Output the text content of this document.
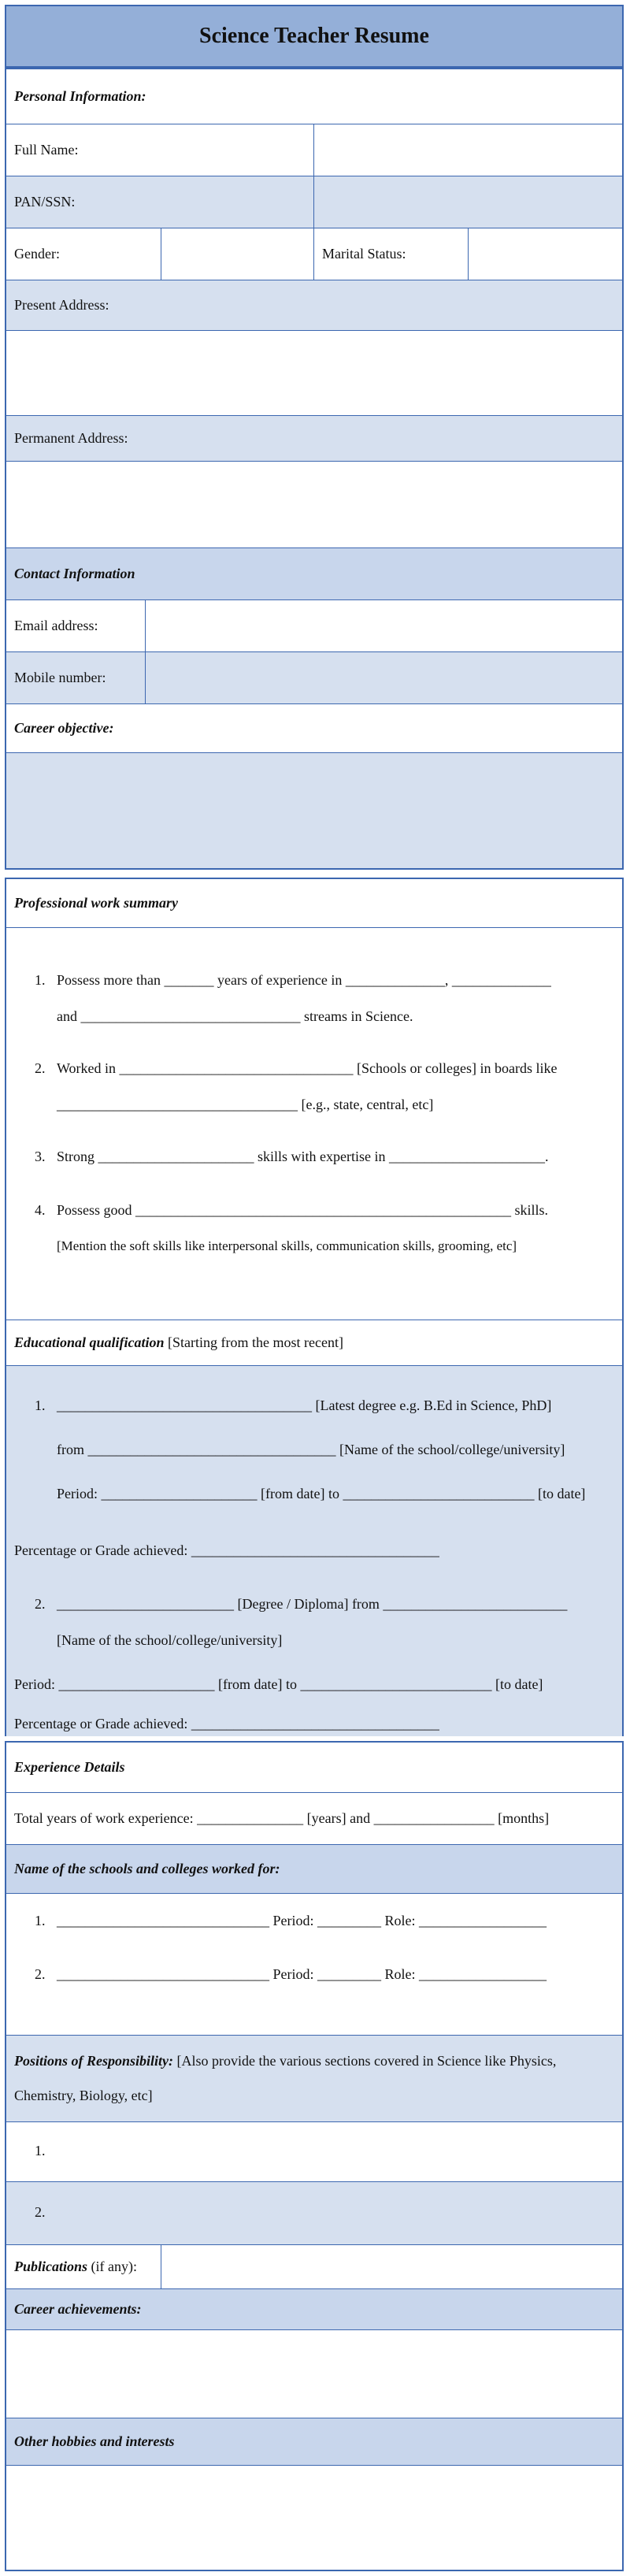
Science Teacher Resume
Personal Information:
Full Name:
PAN/SSN:
Gender:	Marital Status:
Present Address:
Permanent Address:
Contact Information
Email address:
Mobile number:
Career objective:
Professional work summary
1. Possess more than _______ years of experience in ______________, ______________
and _______________________________ streams in Science.
2. Worked in _________________________________ [Schools or colleges] in boards like
__________________________________ [e.g., state, central, etc]
3. Strong ______________________ skills with expertise in ______________________.
4. Possess good _____________________________________________________ skills.
[Mention the soft skills like interpersonal skills, communication skills, grooming, etc]
Educational qualification [Starting from the most recent]
1. ____________________________________ [Latest degree e.g. B.Ed in Science, PhD]
from ___________________________________ [Name of the school/college/university]
Period: ______________________ [from date] to ___________________________ [to date]
Percentage or Grade achieved: ___________________________________
2. _________________________ [Degree / Diploma] from __________________________
[Name of the school/college/university]
Period: ______________________ [from date] to ___________________________ [to date]
Percentage or Grade achieved: ___________________________________
Experience Details
Total years of work experience: _______________ [years] and _________________ [months]
Name of the schools and colleges worked for:
1. ______________________________ Period: _________ Role: __________________
2. ______________________________ Period: _________ Role: __________________
Positions of Responsibility: [Also provide the various sections covered in Science like Physics,
Chemistry, Biology, etc]
1.
2.
Publications (if any):
Career achievements:
Other hobbies and interests
